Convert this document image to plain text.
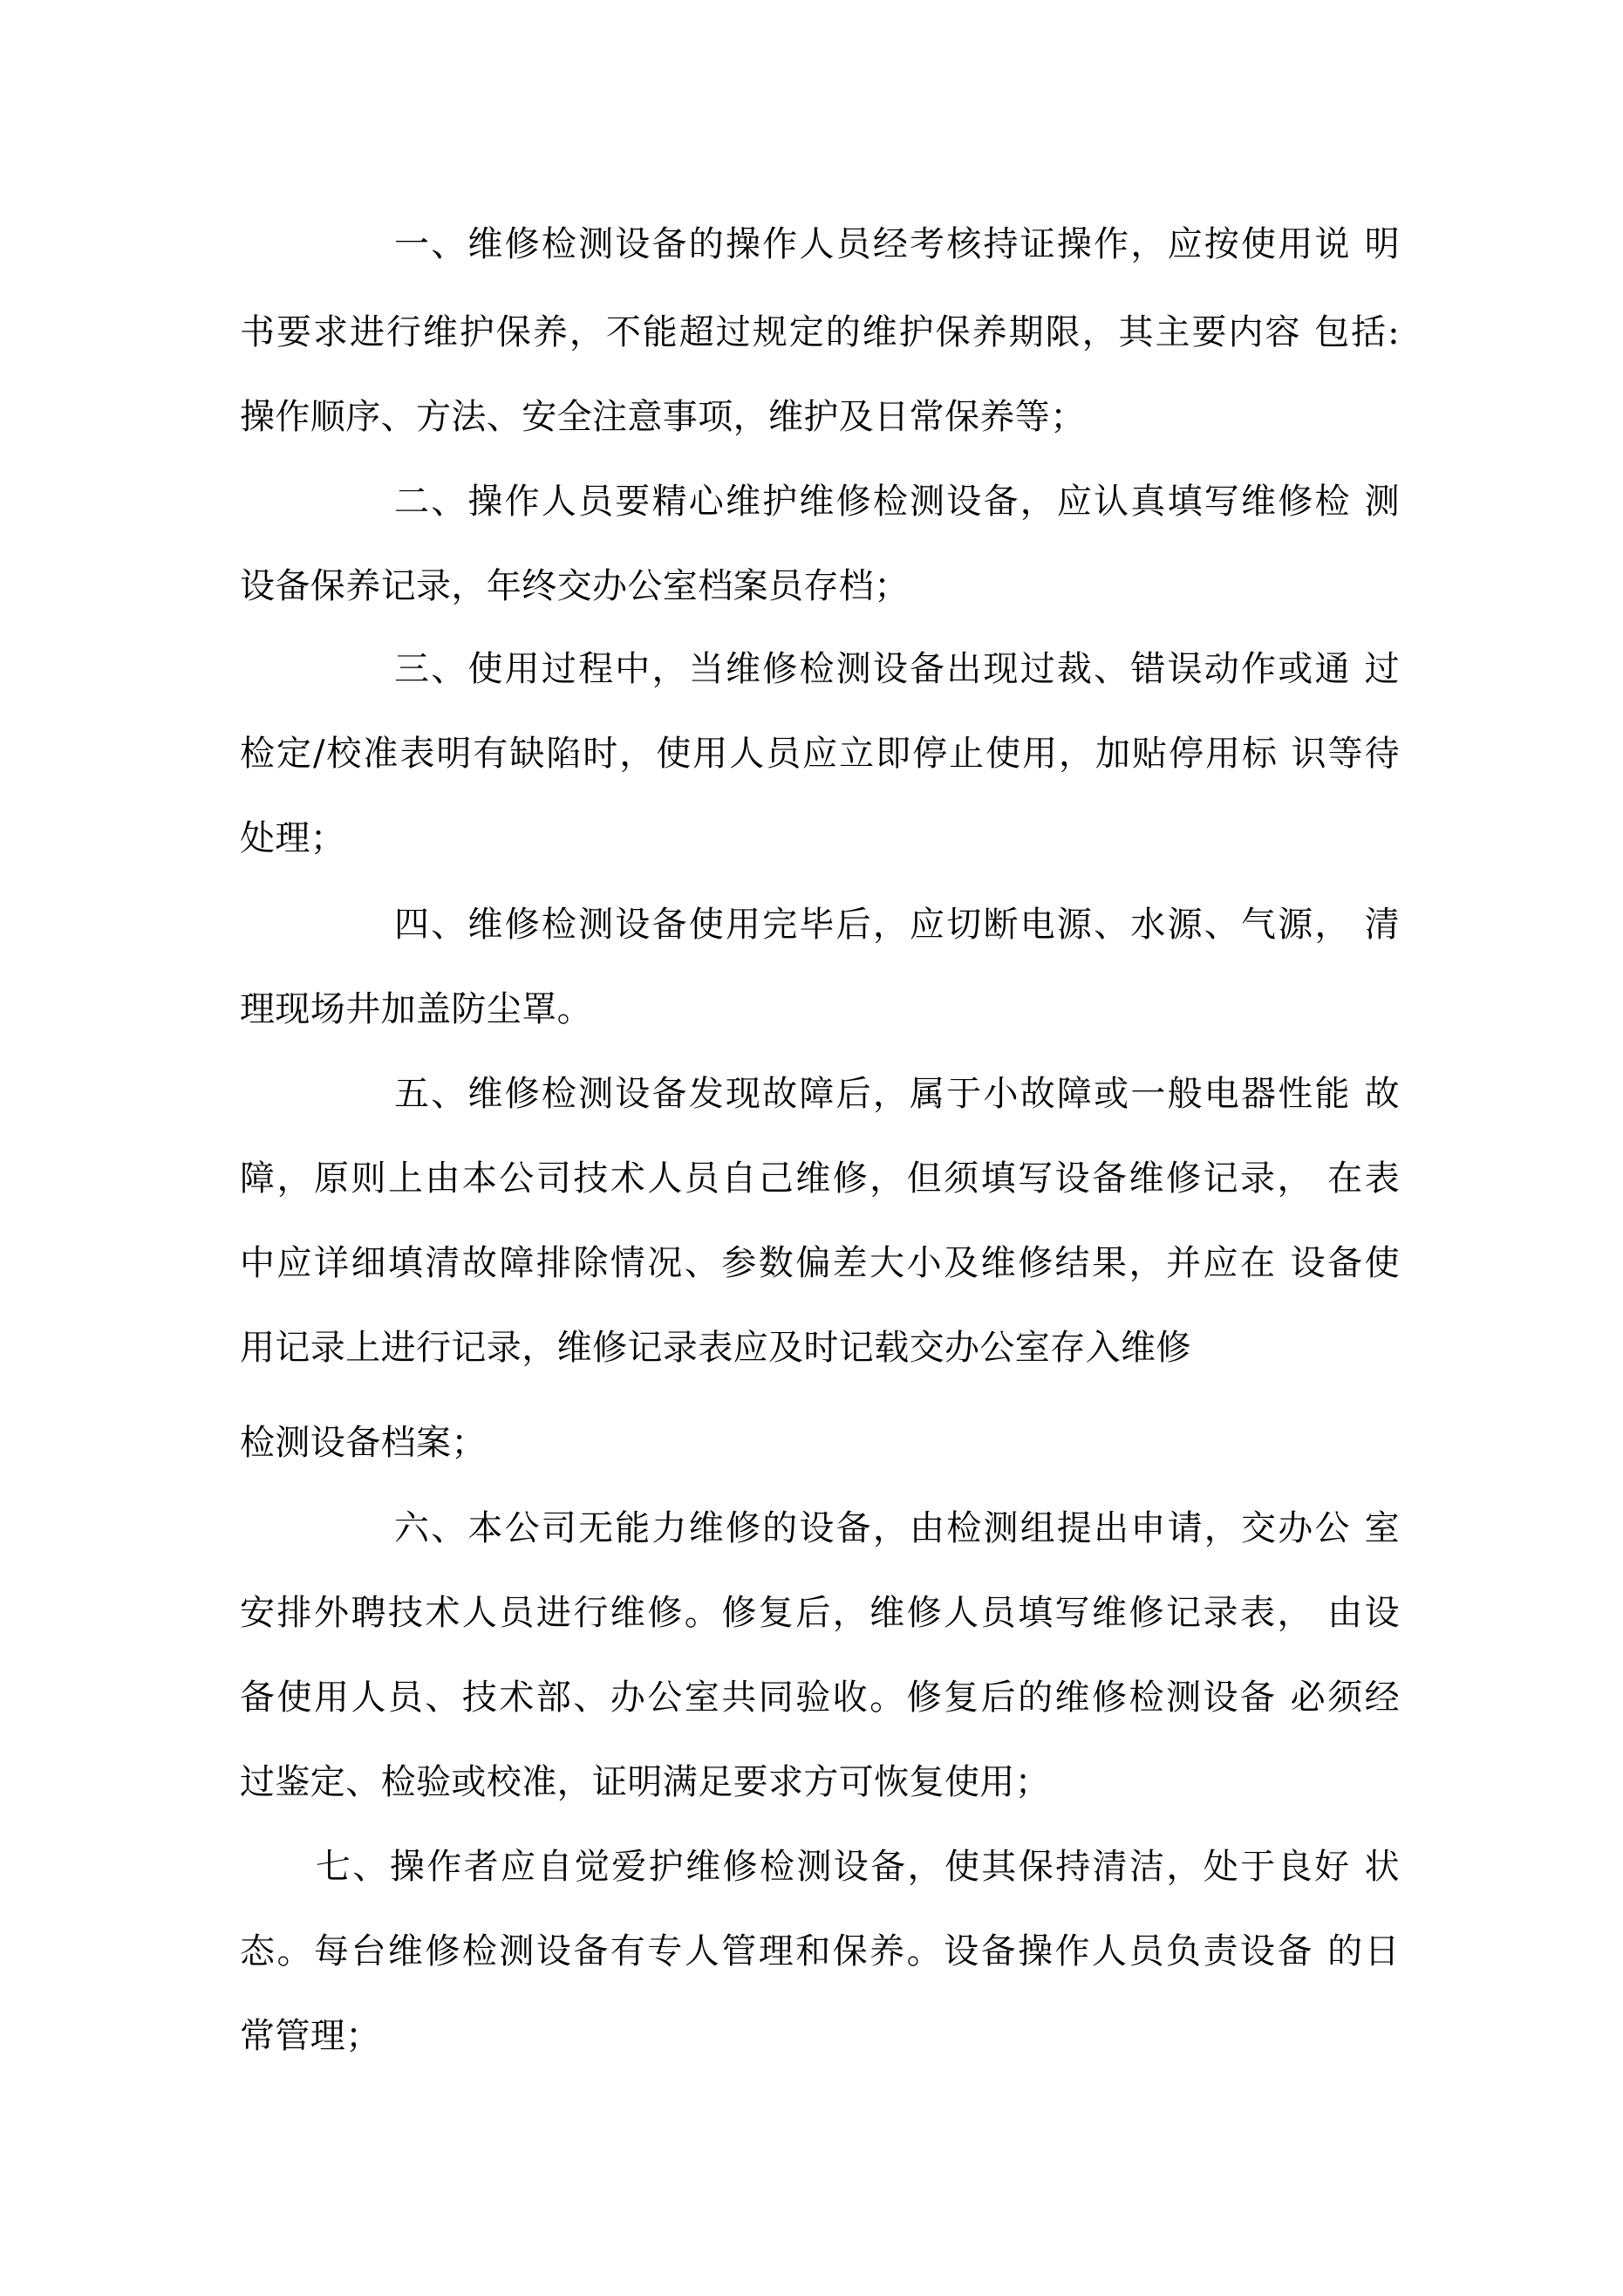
一、维修检测设备的操作人员经考核持证操作，应按使用说 明
书要求进行维护保养，不能超过规定的维护保养期限，其主要内容 包括:
操作顺序、方法、安全注意事项，维护及日常保养等；
二、操作人员要精心维护维修检测设备，应认真填写维修检 测
设备保养记录，年终交办公室档案员存档；
三、使用过程中，当维修检测设备出现过裁、错误动作或通 过
检定/校准表明有缺陷时，使用人员应立即停止使用，加贴停用标 识等待
处理；
四、维修检测设备使用完毕后，应切断电源、水源、气源， 清
理现场井加盖防尘罩。
五、维修检测设备发现故障后，属于小故障或一般电器性能 故
障，原则上由本公司技术人员自己维修，但须填写设备维修记录， 在表
中应详细填清故障排除情况、参数偏差大小及维修结果，并应在 设备使
用记录上进行记录，维修记录表应及时记载交办公室存入维修
检测设备档案；
六、本公司无能力维修的设备，由检测组提出申请，交办公 室
安排外聘技术人员进行维修。修复后，维修人员填写维修记录表， 由设
备使用人员、技术部、办公室共同验收。修复后的维修检测设备 必须经
过鉴定、检验或校准，证明满足要求方可恢复使用；
七、操作者应自觉爱护维修检测设备，使其保持清洁，处于良好 状
态。每台维修检测设备有专人管理和保养。设备操作人员负责设备 的日
常管理；
